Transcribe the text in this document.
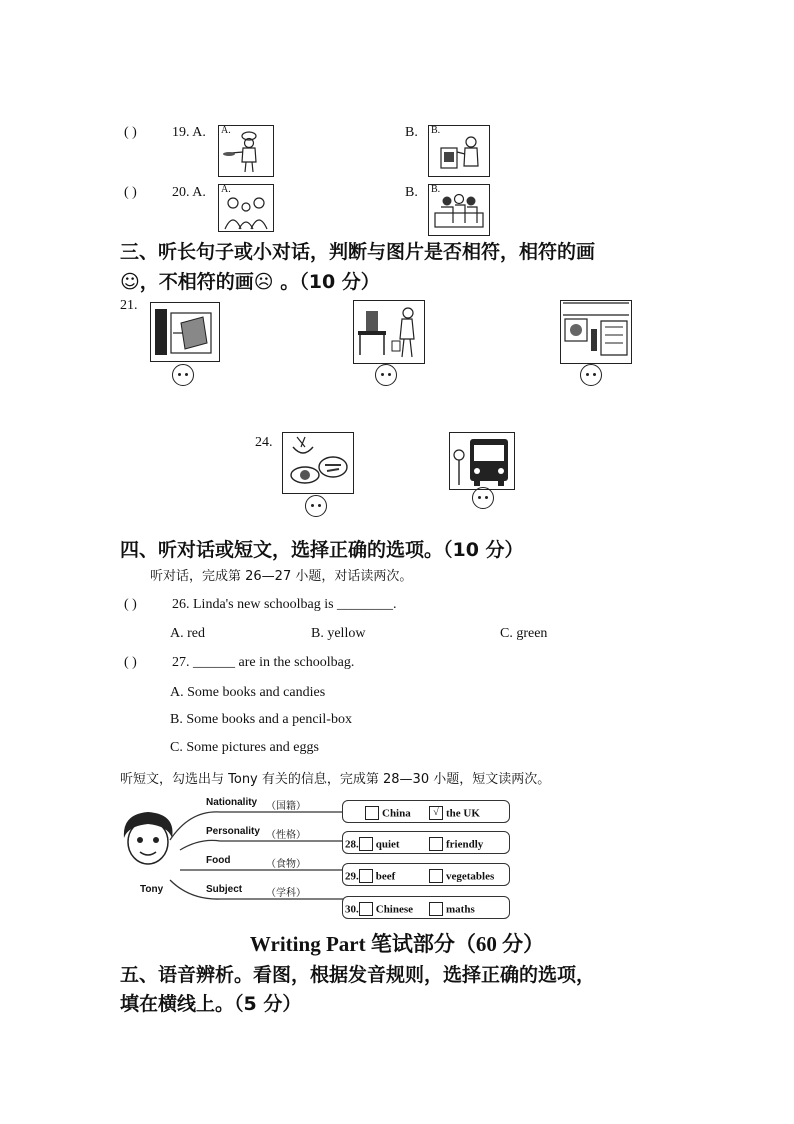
( )	19. A. A.	B. B.
( )	20. A. A.	B. B.
三、听长句子或小对话，判断与图片是否相符，相符的画
☺，不相符的画☹ 。（10 分）
21.
24.
四、听对话或短文，选择正确的选项。（10 分）
听对话，完成第 26—27 小题，对话读两次。
( )	26. Linda's new schoolbag is ________.
A. red	B. yellow	C. green
( )	27. ______ are in the schoolbag.
A. Some books and candies
B. Some books and a pencil-box
C. Some pictures and eggs
听短文，勾选出与 Tony 有关的信息，完成第 28—30 小题，短文读两次。
Tony
Nationality （国籍）
Personality （性格）
Food	（食物）
Subject （学科）
China	√ the UK
28. quiet	friendly
29. beef	vegetables
30. Chinese	maths
Writing Part 笔试部分（60 分）
五、语音辨析。看图，根据发音规则，选择正确的选项，
填在横线上。（5 分）
